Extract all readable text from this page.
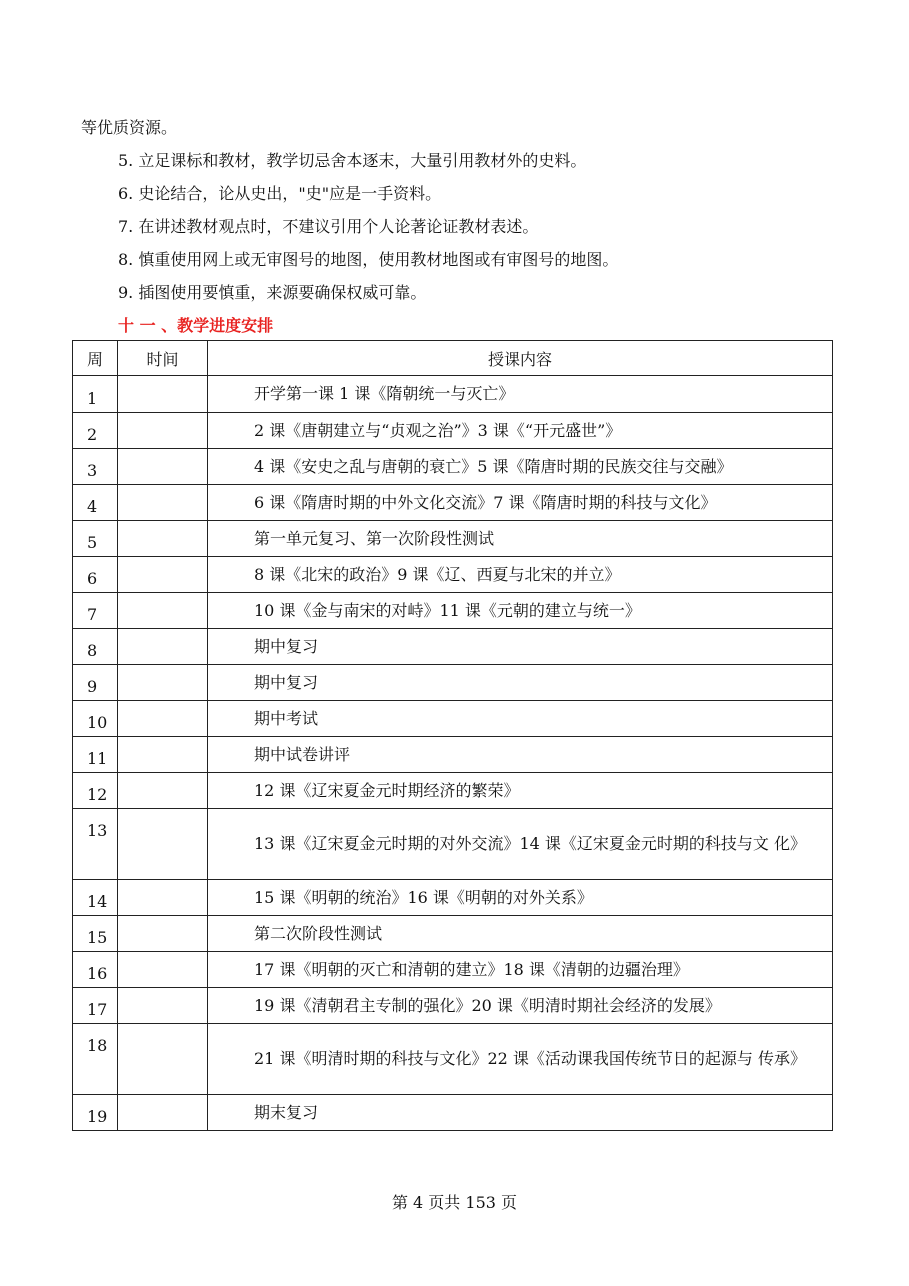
等优质资源。
5. 立足课标和教材，教学切忌舍本逐末，大量引用教材外的史料。
6. 史论结合，论从史出，"史"应是一手资料。
7. 在讲述教材观点时，不建议引用个人论著论证教材表述。
8. 慎重使用网上或无审图号的地图，使用教材地图或有审图号的地图。
9. 插图使用要慎重，来源要确保权威可靠。
十 一 、教学进度安排
周	时间	授课内容
1		开学第一课 1 课《隋朝统一与灭亡》
2		2 课《唐朝建立与“贞观之治”》3 课《“开元盛世”》
3		4 课《安史之乱与唐朝的衰亡》5 课《隋唐时期的民族交往与交融》
4		6 课《隋唐时期的中外文化交流》7 课《隋唐时期的科技与文化》
5		第一单元复习、第一次阶段性测试
6		8 课《北宋的政治》9 课《辽、西夏与北宋的并立》
7		10 课《金与南宋的对峙》11 课《元朝的建立与统一》
8		期中复习
9		期中复习
10		期中考试
11		期中试卷讲评
12		12 课《辽宋夏金元时期经济的繁荣》
13		13 课《辽宋夏金元时期的对外交流》14 课《辽宋夏金元时期的科技与文 化》
14		15 课《明朝的统治》16 课《明朝的对外关系》
15		第二次阶段性测试
16		17 课《明朝的灭亡和清朝的建立》18 课《清朝的边疆治理》
17		19 课《清朝君主专制的强化》20 课《明清时期社会经济的发展》
18		21 课《明清时期的科技与文化》22 课《活动课我国传统节日的起源与 传承》
19		期末复习
第 4 页共 153 页
